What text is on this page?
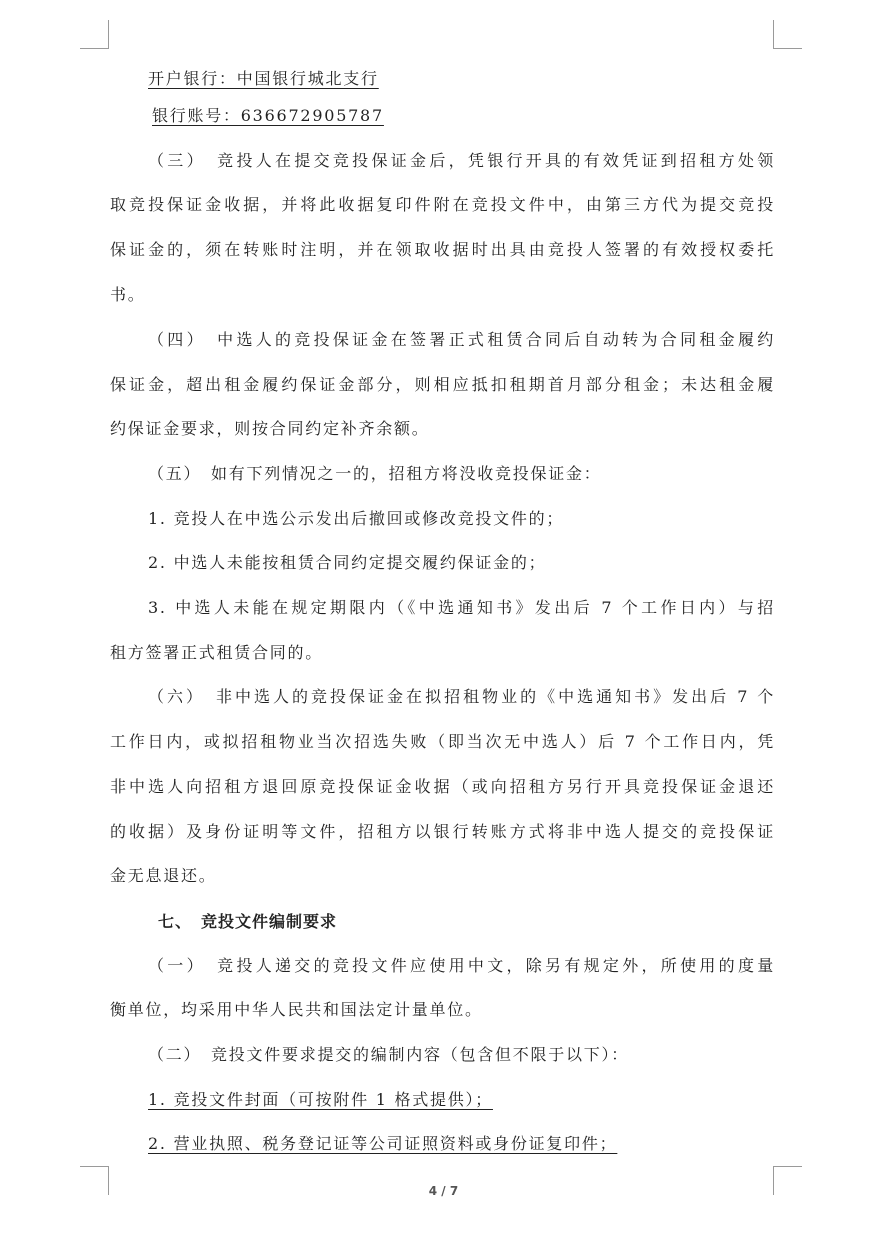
开户银行：中国银行城北支行
银行账号：636672905787
（三）　竞投人在提交竞投保证金后，凭银行开具的有效凭证到招租方处领
取竞投保证金收据，并将此收据复印件附在竞投文件中，由第三方代为提交竞投
保证金的，须在转账时注明，并在领取收据时出具由竞投人签署的有效授权委托
书。
（四）　中选人的竞投保证金在签署正式租赁合同后自动转为合同租金履约
保证金，超出租金履约保证金部分，则相应抵扣租期首月部分租金；未达租金履
约保证金要求，则按合同约定补齐余额。
（五）　如有下列情况之一的，招租方将没收竞投保证金：
1. 竞投人在中选公示发出后撤回或修改竞投文件的；
2. 中选人未能按租赁合同约定提交履约保证金的；
3. 中选人未能在规定期限内（《中选通知书》发出后 7 个工作日内）与招
租方签署正式租赁合同的。
（六）　非中选人的竞投保证金在拟招租物业的《中选通知书》发出后 7 个
工作日内，或拟招租物业当次招选失败（即当次无中选人）后 7 个工作日内，凭
非中选人向招租方退回原竞投保证金收据（或向招租方另行开具竞投保证金退还
的收据）及身份证明等文件，招租方以银行转账方式将非中选人提交的竞投保证
金无息退还。
七、　竞投文件编制要求
（一）　竞投人递交的竞投文件应使用中文，除另有规定外，所使用的度量
衡单位，均采用中华人民共和国法定计量单位。
（二）　竞投文件要求提交的编制内容（包含但不限于以下）：
1. 竞投文件封面（可按附件 1 格式提供）；
2. 营业执照、税务登记证等公司证照资料或身份证复印件；
4 / 7
